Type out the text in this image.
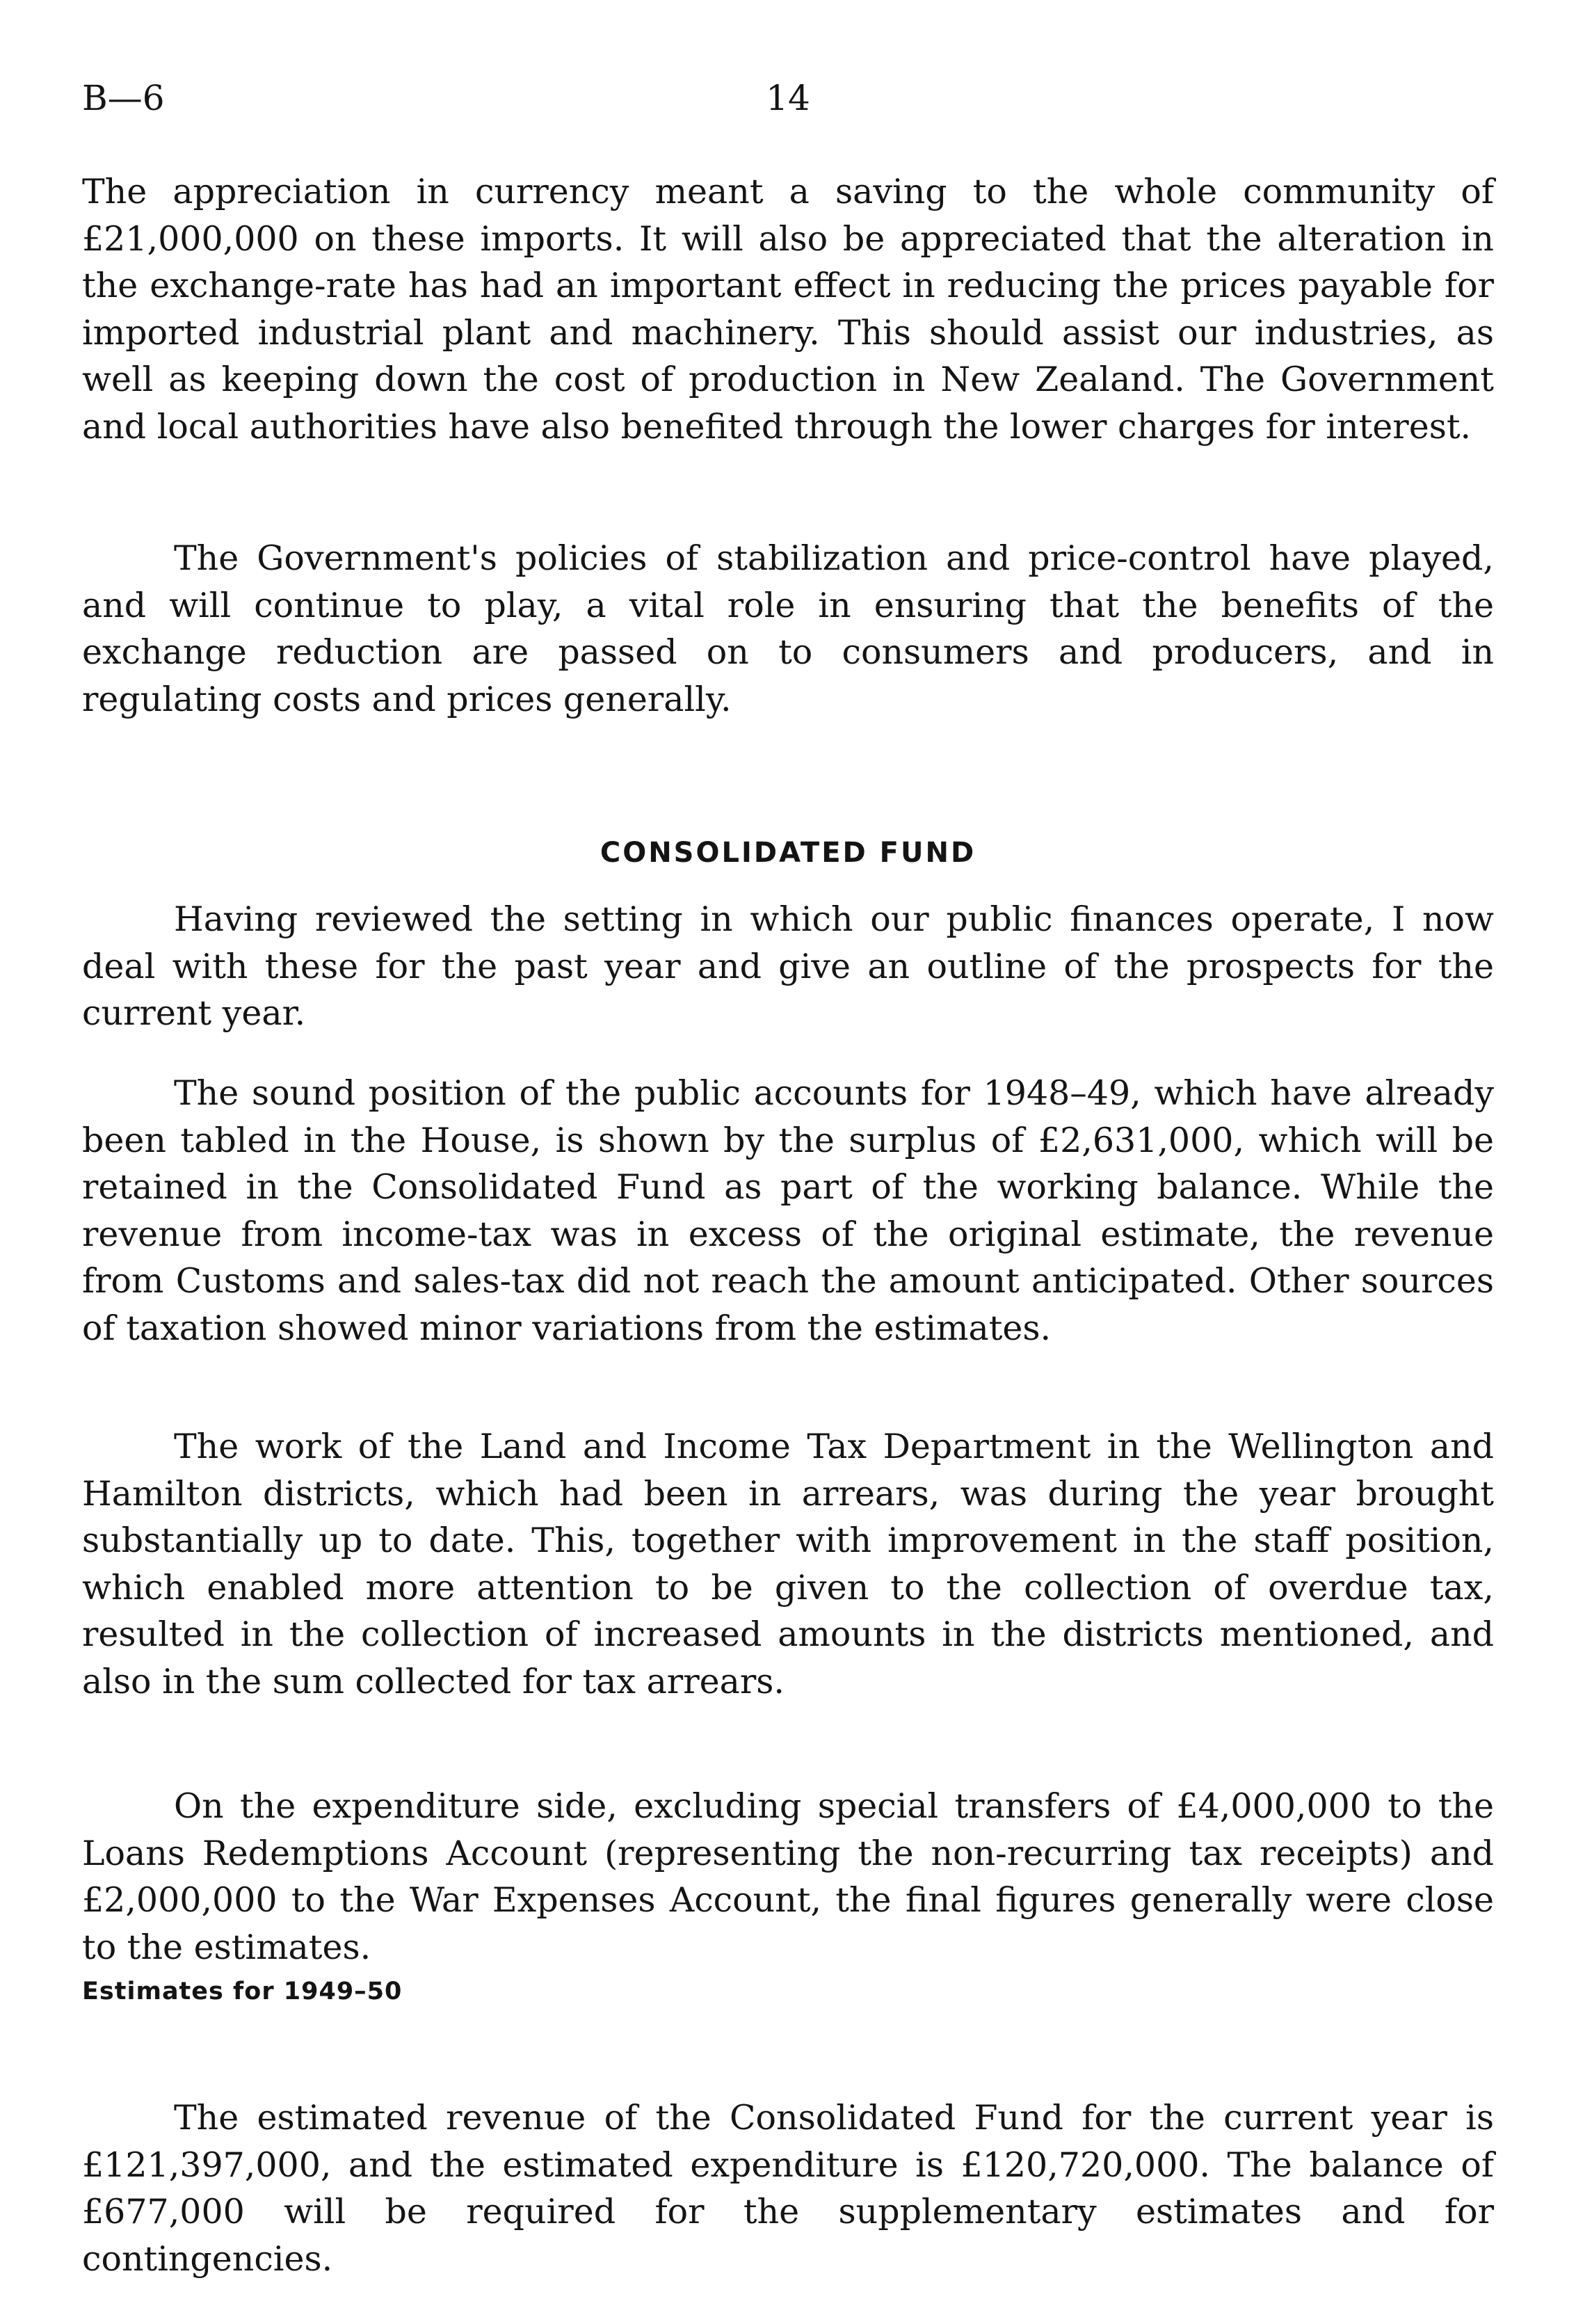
B—6	14

The appreciation in currency meant a saving to the whole community of £21,000,000 on these imports. It will also be appreciated that the alteration in the exchange-rate has had an important effect in reducing the prices payable for imported industrial plant and machinery. This should assist our industries, as well as keeping down the cost of production in New Zealand. The Government and local authorities have also benefited through the lower charges for interest.

The Government's policies of stabilization and price-control have played, and will continue to play, a vital role in ensuring that the benefits of the exchange reduction are passed on to consumers and producers, and in regulating costs and prices generally.

CONSOLIDATED FUND

Having reviewed the setting in which our public finances operate, I now deal with these for the past year and give an outline of the prospects for the current year.

The sound position of the public accounts for 1948–49, which have already been tabled in the House, is shown by the surplus of £2,631,000, which will be retained in the Consolidated Fund as part of the working balance. While the revenue from income-tax was in excess of the original estimate, the revenue from Customs and sales-tax did not reach the amount anticipated. Other sources of taxation showed minor variations from the estimates.

The work of the Land and Income Tax Department in the Wellington and Hamilton districts, which had been in arrears, was during the year brought substantially up to date. This, together with improvement in the staff position, which enabled more attention to be given to the collection of overdue tax, resulted in the collection of increased amounts in the districts mentioned, and also in the sum collected for tax arrears.

On the expenditure side, excluding special transfers of £4,000,000 to the Loans Redemptions Account (representing the non-recurring tax receipts) and £2,000,000 to the War Expenses Account, the final figures generally were close to the estimates.

Estimates for 1949–50

The estimated revenue of the Consolidated Fund for the current year is £121,397,000, and the estimated expenditure is £120,720,000. The balance of £677,000 will be required for the supplementary estimates and for contingencies.
